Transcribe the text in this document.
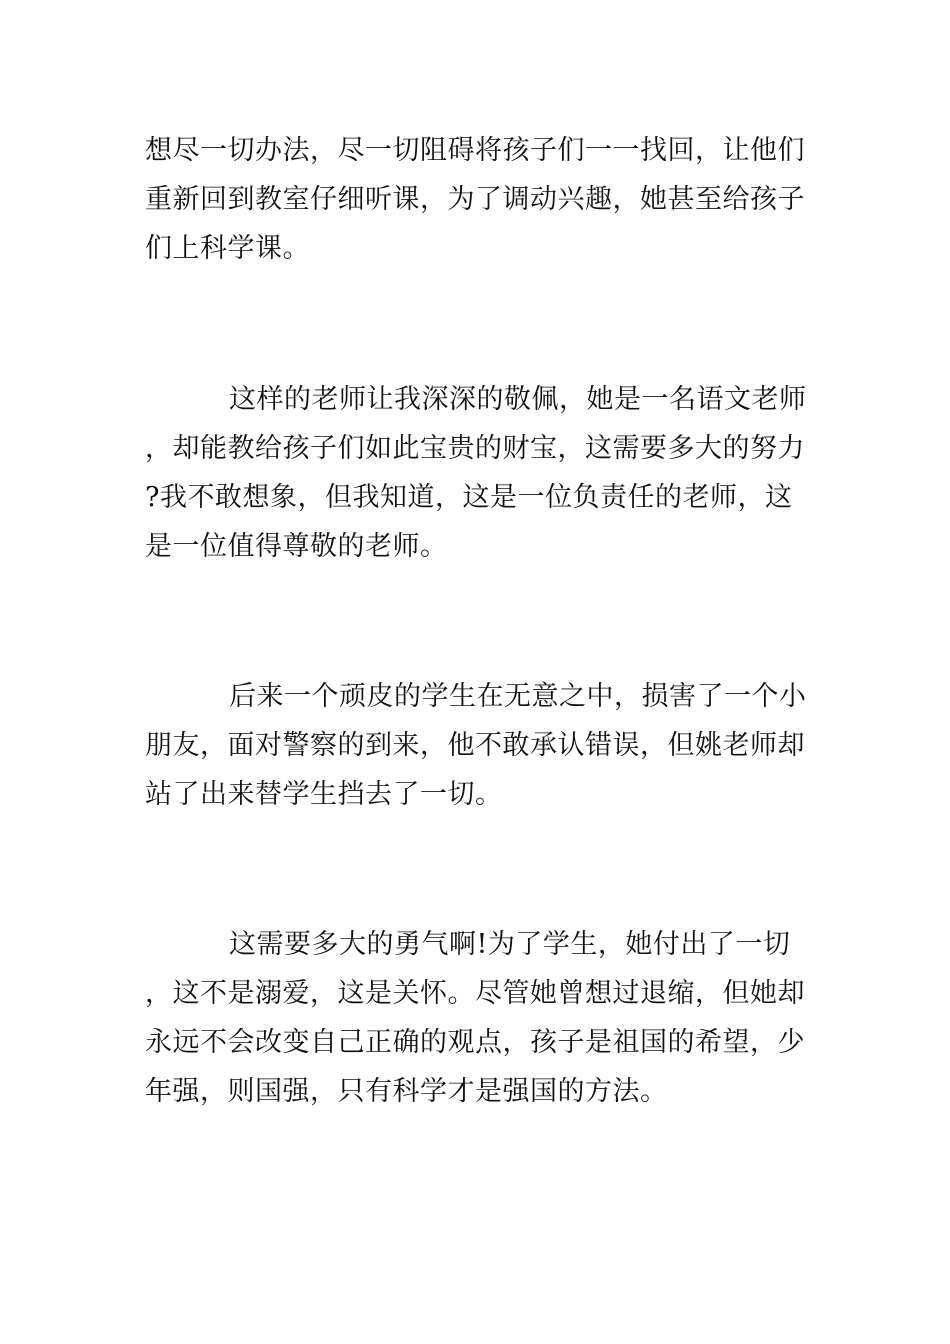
想尽一切办法，尽一切阻碍将孩子们一一找回，让他们重新回到教室仔细听课，为了调动兴趣，她甚至给孩子们上科学课。

这样的老师让我深深的敬佩，她是一名语文老师，却能教给孩子们如此宝贵的财宝，这需要多大的努力?我不敢想象，但我知道，这是一位负责任的老师，这是一位值得尊敬的老师。

后来一个顽皮的学生在无意之中，损害了一个小朋友，面对警察的到来，他不敢承认错误，但姚老师却站了出来替学生挡去了一切。

这需要多大的勇气啊!为了学生，她付出了一切，这不是溺爱，这是关怀。尽管她曾想过退缩，但她却永远不会改变自己正确的观点，孩子是祖国的希望，少年强，则国强，只有科学才是强国的方法。
